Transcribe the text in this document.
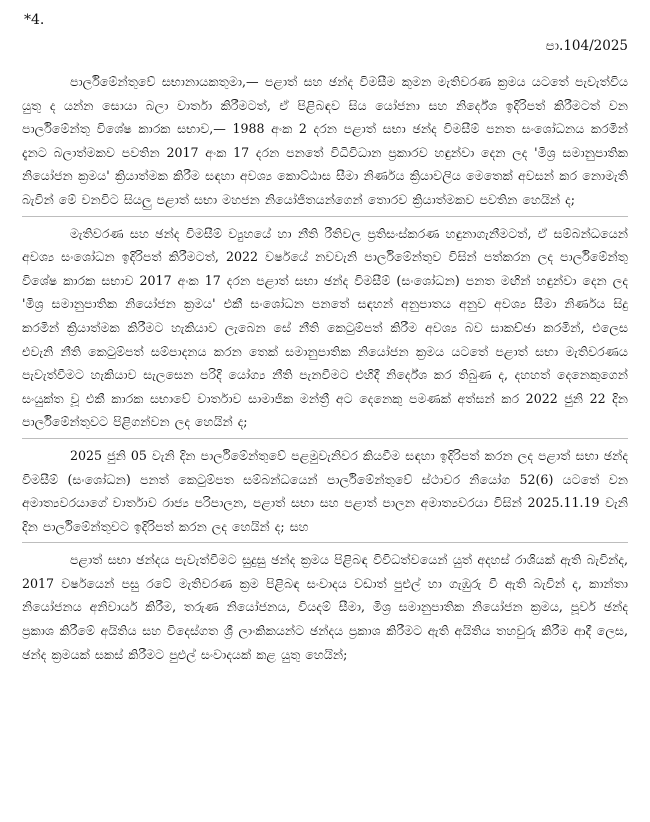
*4.
පා.104/2025

පාර්ලිමේන්තුවේ සභානායකතුමා,— පළාත් සහ ඡන්ද විමසීම කුමන මැතිවරණ ක්‍රමය යටතේ පැවැත්විය යුතු ද යන්න සොයා බලා වාර්තා කිරීමටත්, ඒ පිළිබඳව සිය යෝජනා සහ නිර්දේශ ඉදිරිපත් කිරීමටත් වන පාර්ලිමේන්තු විශේෂ කාරක සභාව,— 1988 අංක 2 දරන පළාත් සභා ඡන්ද විමසීම් පනත සංශෝධනය කරමින් දැනට බලාත්මකව පවතින 2017 අංක 17 දරන පනතේ විධිවිධාන ප්‍රකාරව හඳුන්වා දෙන ලද 'මිශ්‍ර සමානුපාතික නියෝජන ක්‍රමය' ක්‍රියාත්මක කිරීම සඳහා අවශ්‍ය කොට්ඨාස සීමා නිර්ණය ක්‍රියාවලිය මෙතෙක් අවසන් කර නොමැති බැවින් මේ වනවිට සියලු පළාත් සභා මහජන නියෝජිතයන්ගෙන් තොරව ක්‍රියාත්මකව පවතින හෙයින් ද;

මැතිවරණ සහ ඡන්ද විමසීම් ව්‍යුහයේ හා නීති රීතිවල ප්‍රතිසංස්කරණ හඳුනාගැනීමටත්, ඒ සම්බන්ධයෙන් අවශ්‍ය සංශෝධන ඉදිරිපත් කිරීමටත්, 2022 වර්ෂයේ නවවැනි පාර්ලිමේන්තුව විසින් පත්කරන ලද පාර්ලිමේන්තු විශේෂ කාරක සභාව 2017 අංක 17 දරන පළාත් සභා ඡන්ද විමසීම් (සංශෝධන) පනත මඟින් හඳුන්වා දෙන ලද 'මිශ්‍ර සමානුපාතික නියෝජන ක්‍රමය' එකී සංශෝධන පනතේ සඳහන් අනුපාතය අනුව අවශ්‍ය සීමා නිර්ණය සිදු කරමින් ක්‍රියාත්මක කිරීමට හැකියාව ලැබෙන සේ නීති කෙටුම්පත් කිරීම අවශ්‍ය බව සාකච්ඡා කරමින්, එලෙස එවැනි නීති කෙටුම්පත් සම්පාදනය කරන තෙක් සමානුපාතික නියෝජන ක්‍රමය යටතේ පළාත් සභා මැතිවරණය පැවැත්වීමට හැකියාව සැලසෙන පරිදි යෝග්‍ය නීති පැනවීමට එහිදී නිර්දේශ කර තිබුණ ද, දහහත් දෙනෙකුගෙන් සංයුක්ත වූ එකී කාරක සභාවේ වාර්තාව සාමාජික මන්ත්‍රී අට දෙනෙකු පමණක් අත්සන් කර 2022 ජුනි 22 දින පාර්ලිමේන්තුවට පිළිගන්වන ලද හෙයින් ද;

2025 ජුනි 05 වැනි දින පාර්ලිමේන්තුවේ පළමුවැනිවර කියවීම සඳහා ඉදිරිපත් කරන ලද පළාත් සභා ඡන්ද විමසීම් (සංශෝධන) පනත් කෙටුම්පත සම්බන්ධයෙන් පාර්ලිමේන්තුවේ ස්ථාවර නියෝග 52(6) යටතේ වන අමාත්‍යවරයාගේ වාර්තාව රාජ්‍ය පරිපාලන, පළාත් සභා සහ පළාත් පාලන අමාත්‍යවරයා විසින් 2025.11.19 වැනි දින පාර්ලිමේන්තුවට ඉදිරිපත් කරන ලද හෙයින් ද; සහ

පළාත් සභා ඡන්දය පැවැත්වීමට සුදුසු ඡන්ද ක්‍රමය පිළිබඳ විවිධත්වයෙන් යුත් අදහස් රාශියක් ඇති බැවින්ද, 2017 වර්ෂයෙන් පසු රටේ මැතිවරණ ක්‍රම පිළිබඳ සංවාදය වඩාත් පුළුල් හා ගැඹුරු වී ඇති බැවින් ද, කාන්තා නියෝජනය අනිවාර්ය කිරීම, තරුණ නියෝජනය, වියදම් සීමා, මිශ්‍ර සමානුපාතික නියෝජන ක්‍රමය, පූර්ව ඡන්ද ප්‍රකාශ කිරීමේ අයිතිය සහ විදෙස්ගත ශ්‍රී ලාංකිකයන්ට ඡන්දය ප්‍රකාශ කිරීමට ඇති අයිතිය තහවුරු කිරීම ආදී ලෙස, ඡන්ද ක්‍රමයක් සකස් කිරීමට පුළුල් සංවාදයක් කළ යුතු හෙයින්;
